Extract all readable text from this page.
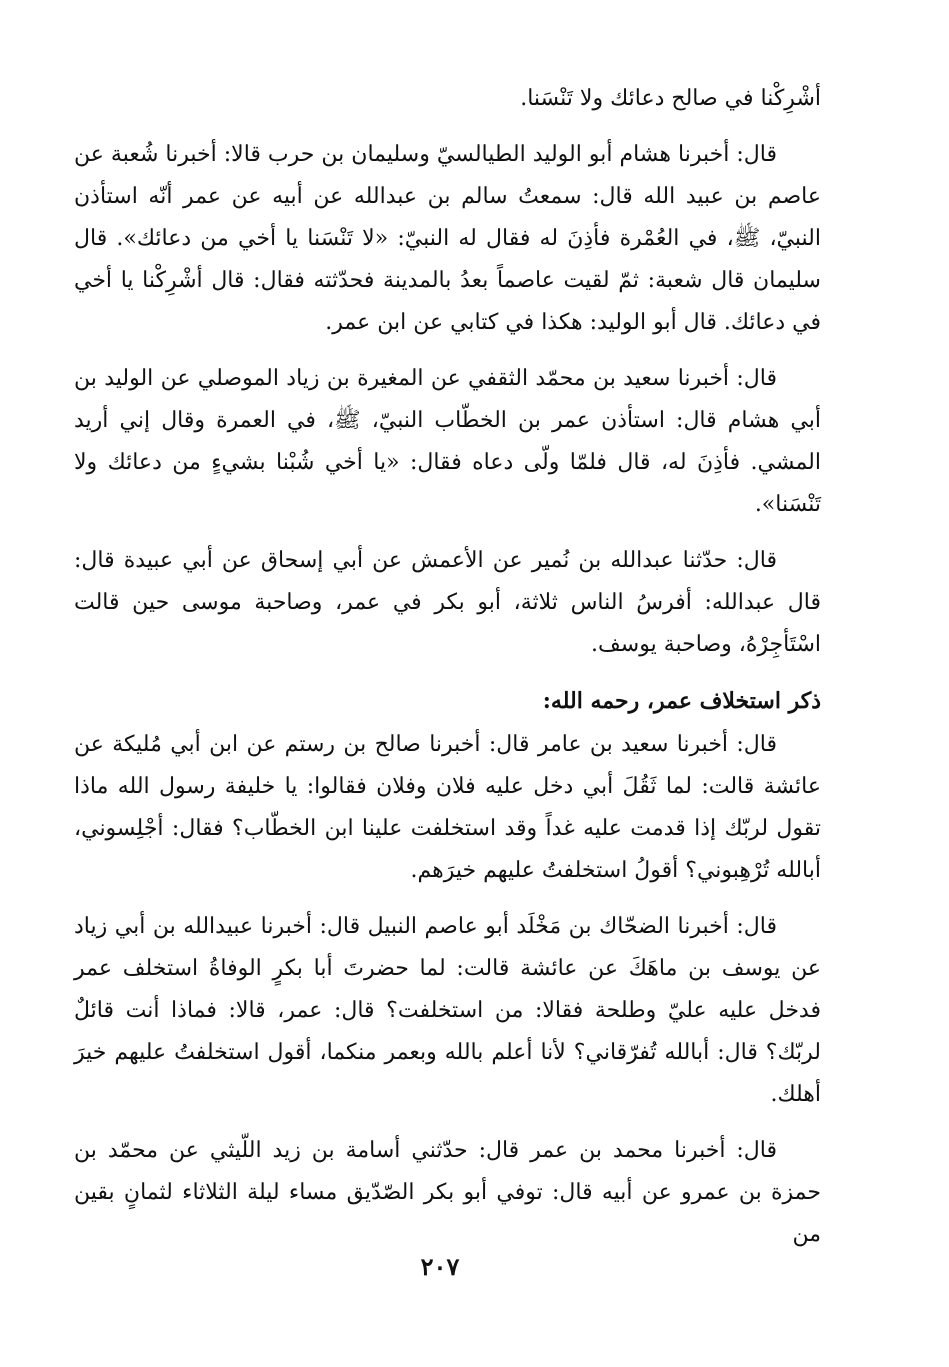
أشْرِكْنا في صالح دعائك ولا تَنْسَنا.

قال: أخبرنا هشام أبو الوليد الطيالسيّ وسليمان بن حرب قالا: أخبرنا شُعبة عن عاصم بن عبيد الله قال: سمعتُ سالم بن عبدالله عن أبيه عن عمر أنّه استأذن النبيّ، ﷺ، في العُمْرة فأذِنَ له فقال له النبيّ: «لا تَنْسَنا يا أخي من دعائك». قال سليمان قال شعبة: ثمّ لقيت عاصماً بعدُ بالمدينة فحدّثته فقال: قال أشْرِكْنا يا أخي في دعائك. قال أبو الوليد: هكذا في كتابي عن ابن عمر.

قال: أخبرنا سعيد بن محمّد الثقفي عن المغيرة بن زياد الموصلي عن الوليد بن أبي هشام قال: استأذن عمر بن الخطّاب النبيّ، ﷺ، في العمرة وقال إني أريد المشي. فأذِنَ له، قال فلمّا ولّى دعاه فقال: «يا أخي شُبْنا بشيءٍ من دعائك ولا تَنْسَنا».

قال: حدّثنا عبدالله بن نُمير عن الأعمش عن أبي إسحاق عن أبي عبيدة قال: قال عبدالله: أفرسُ الناس ثلاثة، أبو بكر في عمر، وصاحبة موسى حين قالت اسْتَأجِرْهُ، وصاحبة يوسف.

ذكر استخلاف عمر، رحمه الله:

قال: أخبرنا سعيد بن عامر قال: أخبرنا صالح بن رستم عن ابن أبي مُليكة عن عائشة قالت: لما ثَقُلَ أبي دخل عليه فلان وفلان فقالوا: يا خليفة رسول الله ماذا تقول لربّك إذا قدمت عليه غداً وقد استخلفت علينا ابن الخطّاب؟ فقال: أجْلِسوني، أبالله تُرْهِبوني؟ أقولُ استخلفتُ عليهم خيرَهم.

قال: أخبرنا الضحّاك بن مَخْلَد أبو عاصم النبيل قال: أخبرنا عبيدالله بن أبي زياد عن يوسف بن ماهَكَ عن عائشة قالت: لما حضرتَ أبا بكرٍ الوفاةُ استخلف عمر فدخل عليه عليّ وطلحة فقالا: من استخلفت؟ قال: عمر، قالا: فماذا أنت قائلٌ لربّك؟ قال: أبالله تُفرّقاني؟ لأنا أعلم بالله وبعمر منكما، أقول استخلفتُ عليهم خيرَ أهلك.

قال: أخبرنا محمد بن عمر قال: حدّثني أسامة بن زيد اللّيثي عن محمّد بن حمزة بن عمرو عن أبيه قال: توفي أبو بكر الصّدّيق مساء ليلة الثلاثاء لثمانٍ بقين من

٢٠٧
